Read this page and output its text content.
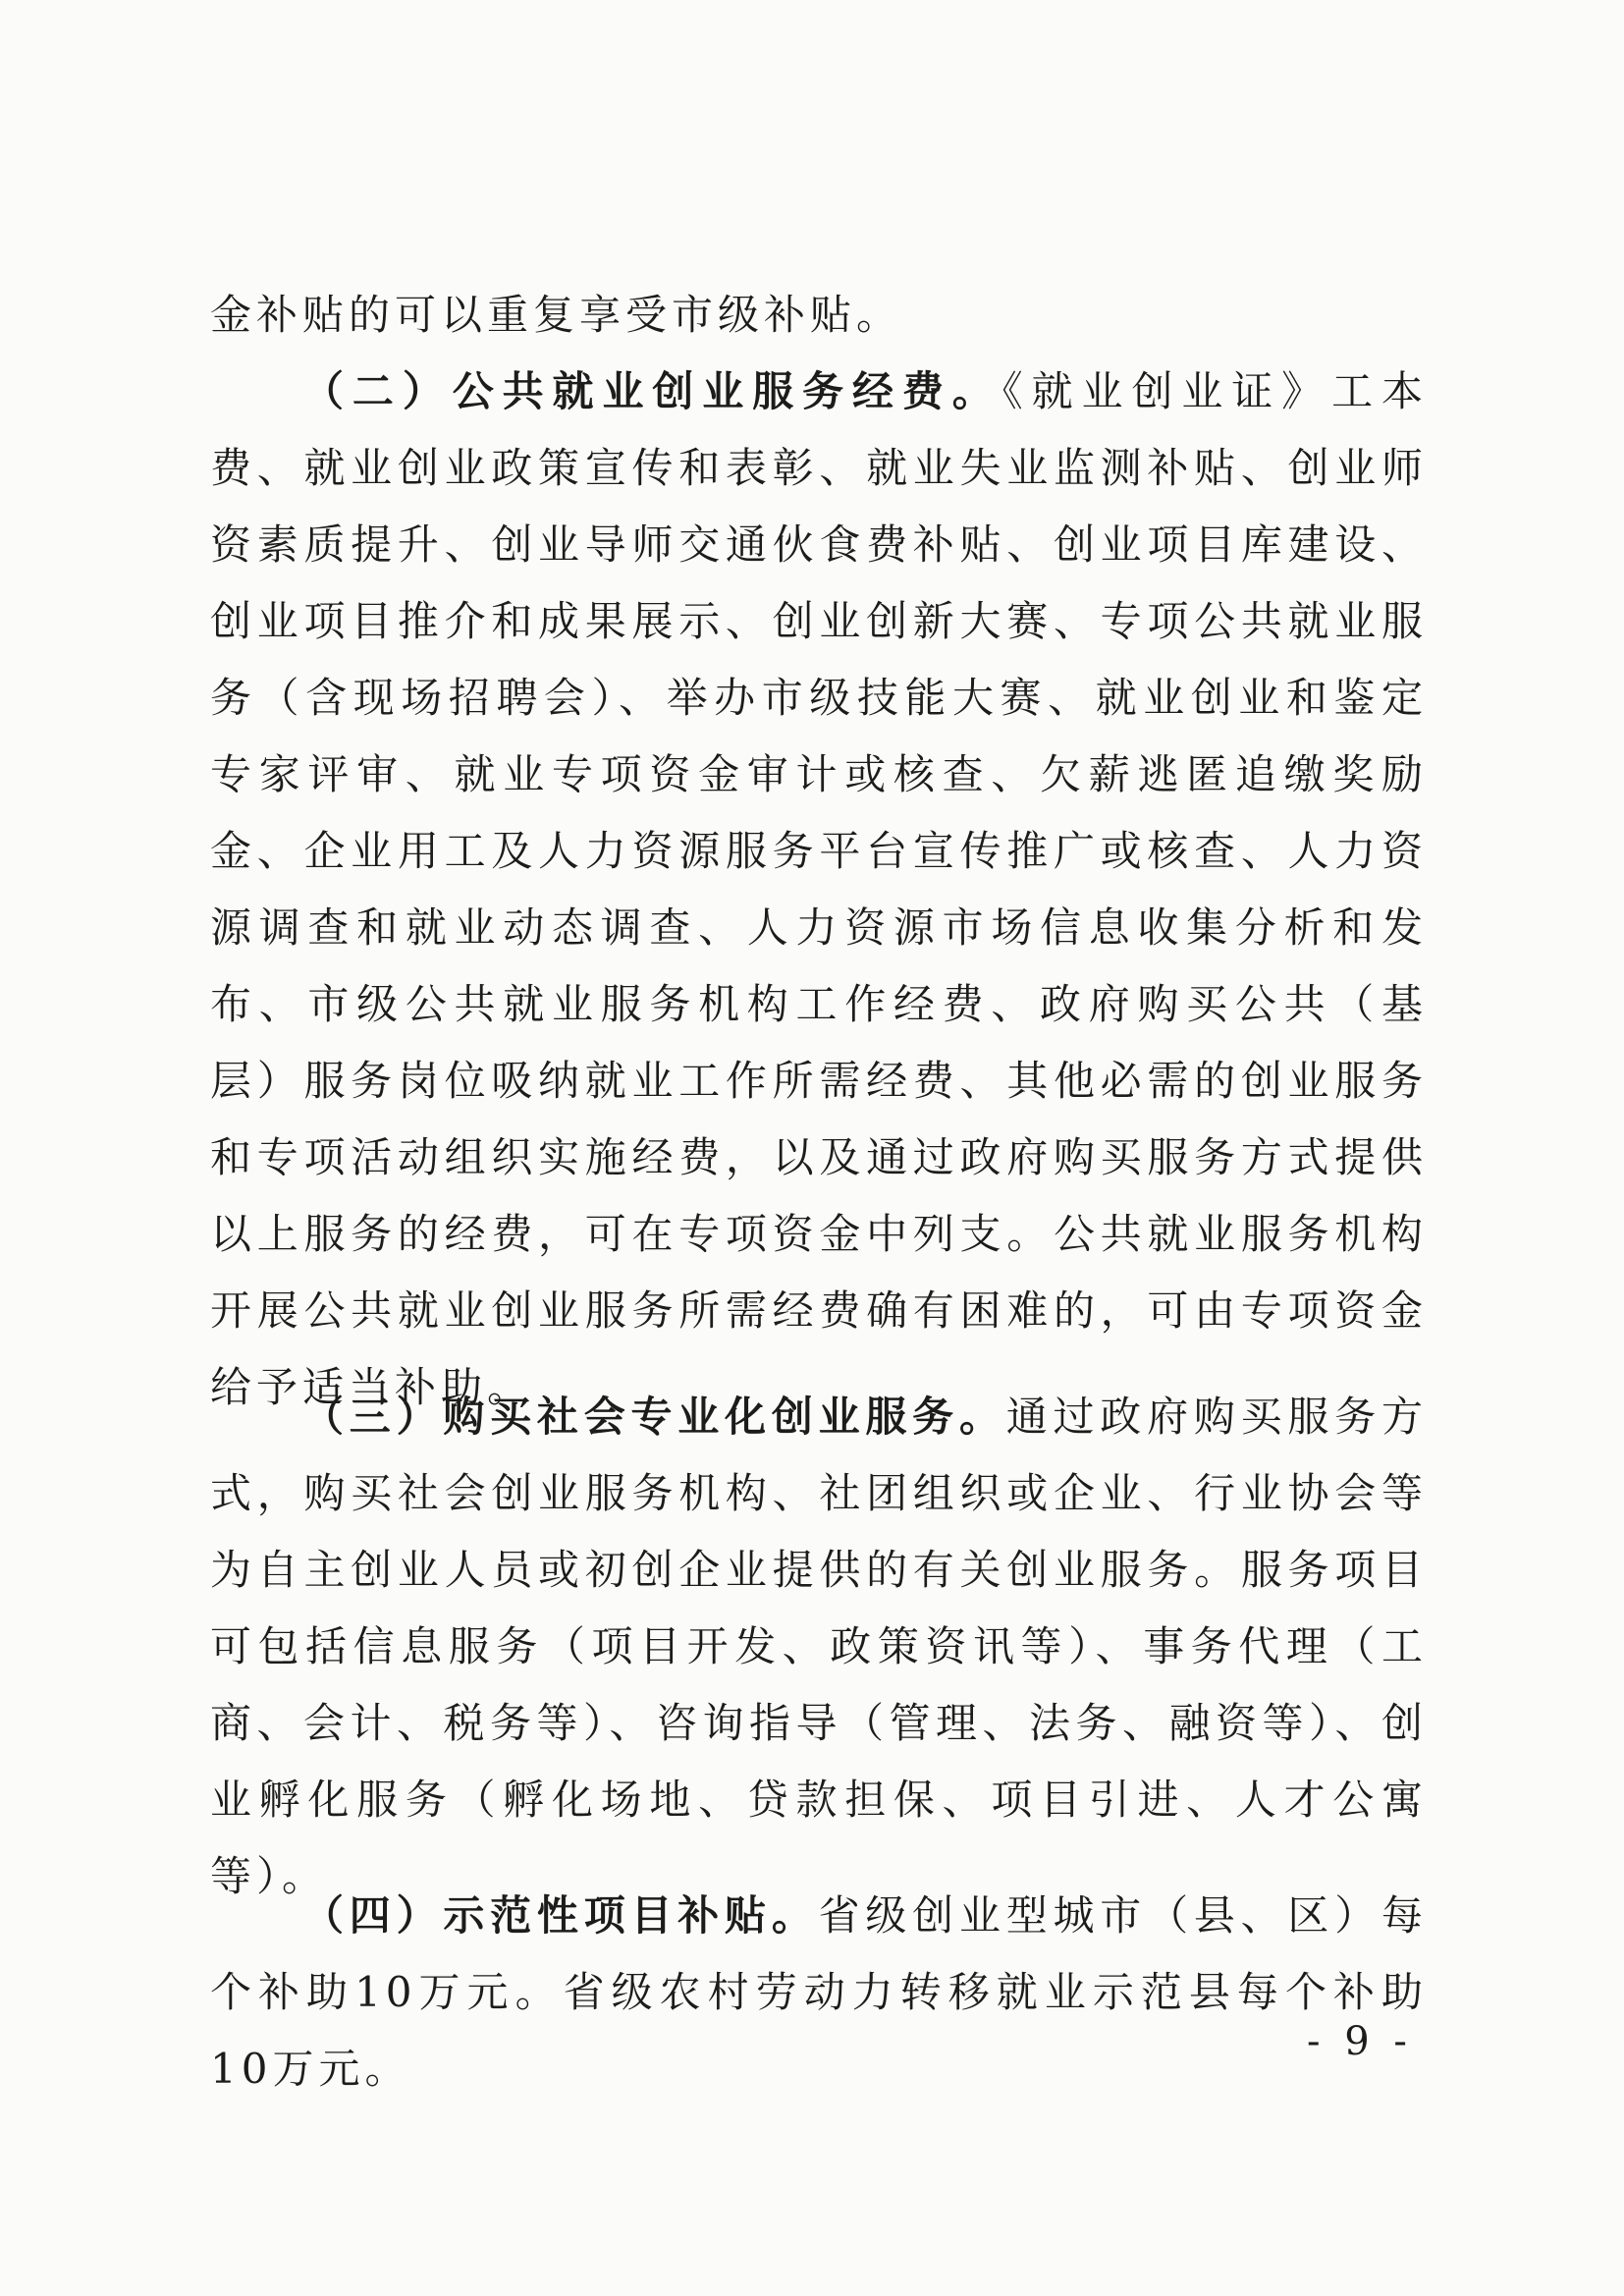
金补贴的可以重复享受市级补贴。

（二）公共就业创业服务经费。《就业创业证》工本费、就业创业政策宣传和表彰、就业失业监测补贴、创业师资素质提升、创业导师交通伙食费补贴、创业项目库建设、创业项目推介和成果展示、创业创新大赛、专项公共就业服务（含现场招聘会）、举办市级技能大赛、就业创业和鉴定专家评审、就业专项资金审计或核查、欠薪逃匿追缴奖励金、企业用工及人力资源服务平台宣传推广或核查、人力资源调查和就业动态调查、人力资源市场信息收集分析和发布、市级公共就业服务机构工作经费、政府购买公共（基层）服务岗位吸纳就业工作所需经费、其他必需的创业服务和专项活动组织实施经费，以及通过政府购买服务方式提供以上服务的经费，可在专项资金中列支。公共就业服务机构开展公共就业创业服务所需经费确有困难的，可由专项资金给予适当补助。

（三）购买社会专业化创业服务。通过政府购买服务方式，购买社会创业服务机构、社团组织或企业、行业协会等为自主创业人员或初创企业提供的有关创业服务。服务项目可包括信息服务（项目开发、政策资讯等）、事务代理（工商、会计、税务等）、咨询指导（管理、法务、融资等）、创业孵化服务（孵化场地、贷款担保、项目引进、人才公寓等）。

（四）示范性项目补贴。省级创业型城市（县、区）每个补助10万元。省级农村劳动力转移就业示范县每个补助10万元。

- 9 -
